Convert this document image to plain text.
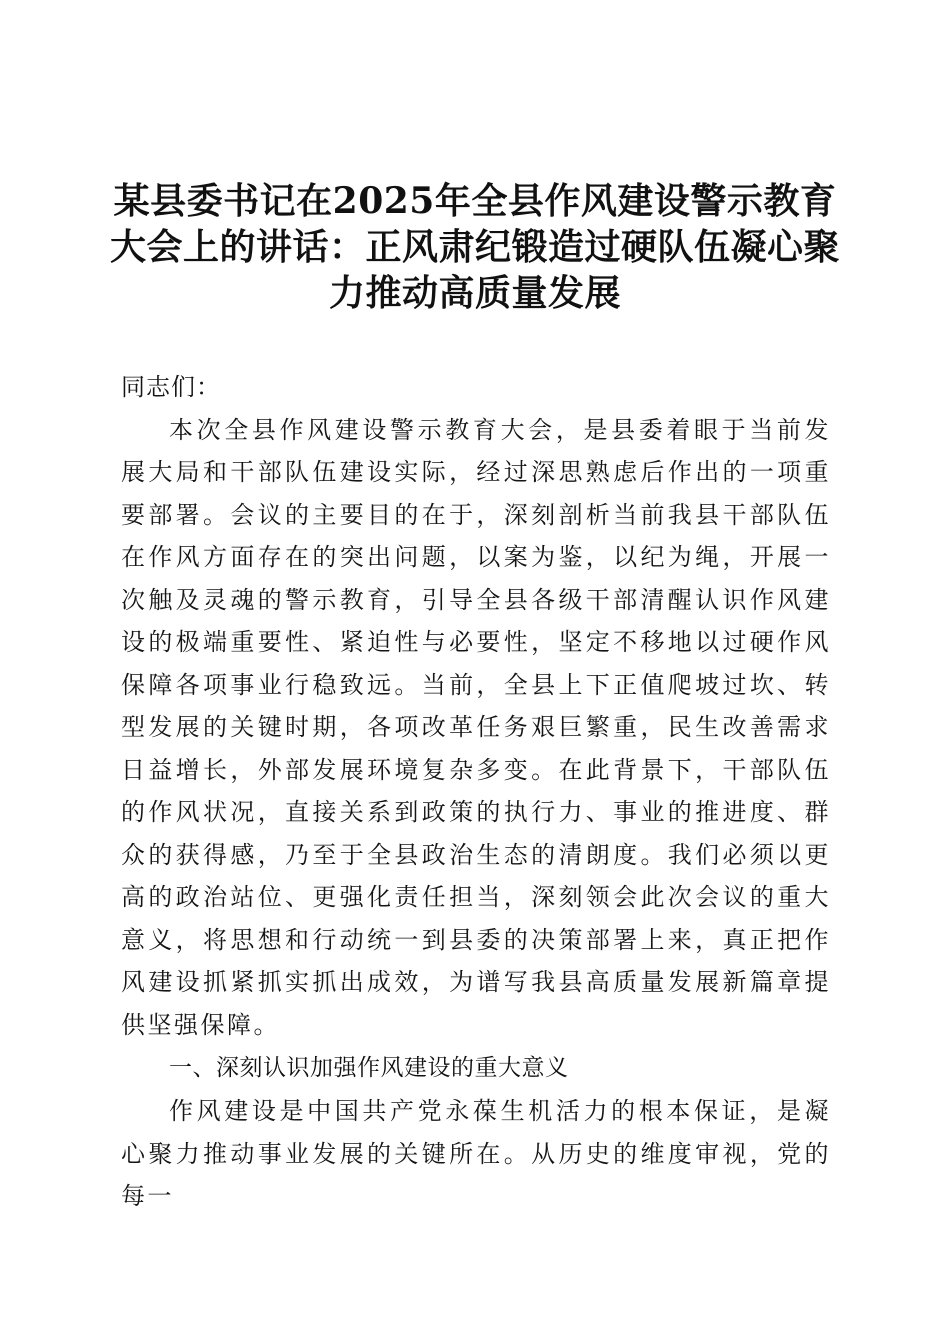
某县委书记在2025年全县作风建设警示教育大会上的讲话：正风肃纪锻造过硬队伍凝心聚力推动高质量发展

同志们：

本次全县作风建设警示教育大会，是县委着眼于当前发展大局和干部队伍建设实际，经过深思熟虑后作出的一项重要部署。会议的主要目的在于，深刻剖析当前我县干部队伍在作风方面存在的突出问题，以案为鉴，以纪为绳，开展一次触及灵魂的警示教育，引导全县各级干部清醒认识作风建设的极端重要性、紧迫性与必要性，坚定不移地以过硬作风保障各项事业行稳致远。当前，全县上下正值爬坡过坎、转型发展的关键时期，各项改革任务艰巨繁重，民生改善需求日益增长，外部发展环境复杂多变。在此背景下，干部队伍的作风状况，直接关系到政策的执行力、事业的推进度、群众的获得感，乃至于全县政治生态的清朗度。我们必须以更高的政治站位、更强化责任担当，深刻领会此次会议的重大意义，将思想和行动统一到县委的决策部署上来，真正把作风建设抓紧抓实抓出成效，为谱写我县高质量发展新篇章提供坚强保障。

一、深刻认识加强作风建设的重大意义

作风建设是中国共产党永葆生机活力的根本保证，是凝心聚力推动事业发展的关键所在。从历史的维度审视，党的每一
